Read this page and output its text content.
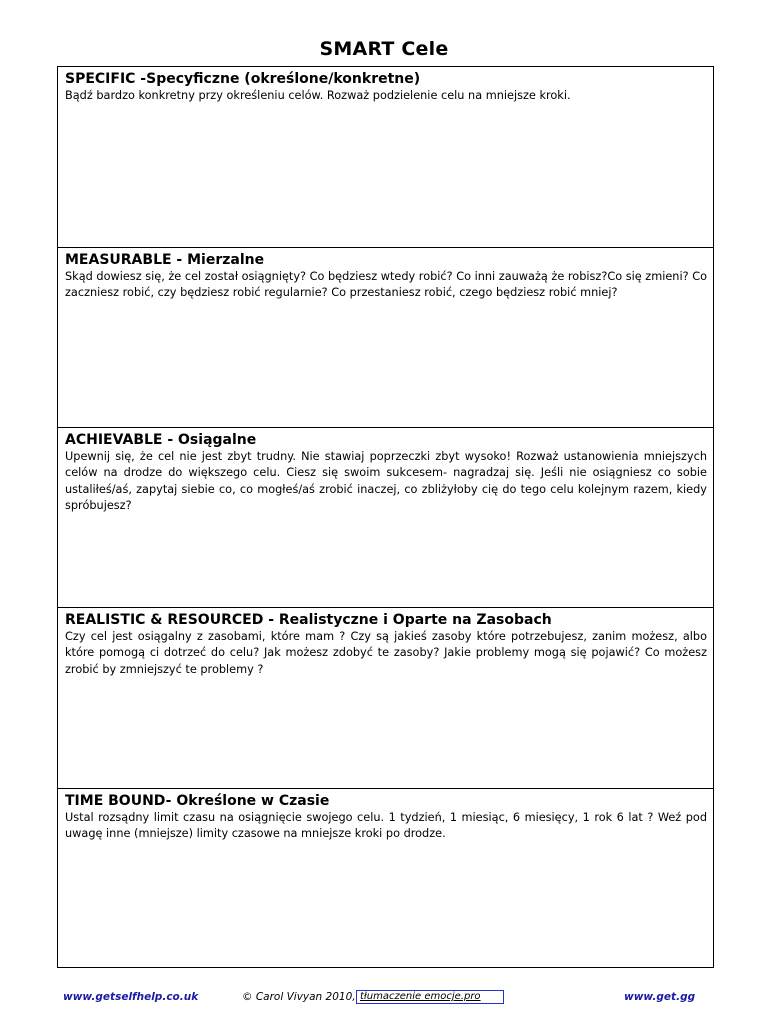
SMART Cele

SPECIFIC -Specyficzne (określone/konkretne)

Bądź bardzo konkretny przy określeniu celów. Rozważ podzielenie celu na mniejsze kroki.

MEASURABLE - Mierzalne

Skąd dowiesz się, że cel został osiągnięty? Co będziesz wtedy robić? Co inni zauważą że robisz?Co się zmieni? Co zaczniesz robić, czy będziesz robić regularnie? Co przestaniesz robić, czego będziesz robić mniej?

ACHIEVABLE - Osiągalne

Upewnij się, że cel nie jest zbyt trudny. Nie stawiaj poprzeczki zbyt wysoko! Rozważ ustanowienia mniejszych celów na drodze do większego celu. Ciesz się swoim sukcesem- nagradzaj się. Jeśli nie osiągniesz co sobie ustaliłeś/aś, zapytaj siebie co, co mogłeś/aś zrobić inaczej, co zbliżyłoby cię do tego celu kolejnym razem, kiedy spróbujesz?

REALISTIC & RESOURCED - Realistyczne i Oparte na Zasobach

Czy cel jest osiągalny z zasobami, które mam ? Czy są jakieś zasoby które potrzebujesz, zanim możesz, albo które pomogą ci dotrzeć do celu? Jak możesz zdobyć te zasoby? Jakie problemy mogą się pojawić? Co możesz zrobić by zmniejszyć te problemy ?

TIME BOUND- Określone w Czasie

Ustal rozsądny limit czasu na osiągnięcie swojego celu. 1 tydzień, 1 miesiąc, 6 miesięcy, 1 rok 6 lat ? Weź pod uwagę inne (mniejsze) limity czasowe na mniejsze kroki po drodze.

www.getselfhelp.co.uk	© Carol Vivyan 2010, tłumaczenie emocje.pro	www.get.gg
